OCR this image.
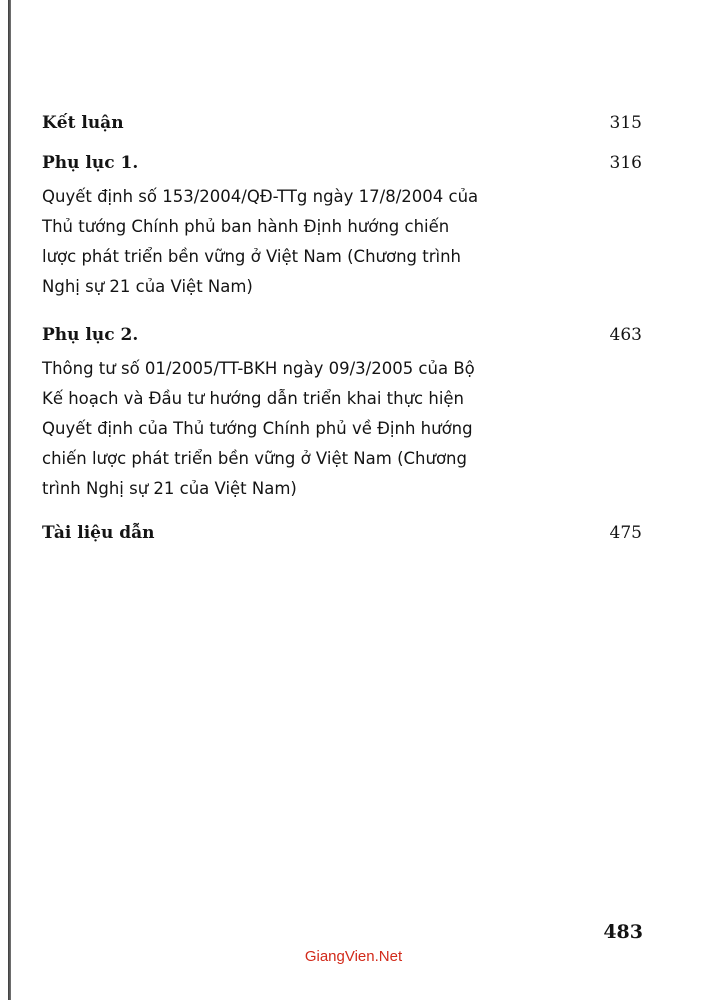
Kết luận	315
Phụ lục 1.	316
Quyết định số 153/2004/QĐ-TTg ngày 17/8/2004 của
Thủ tướng Chính phủ ban hành Định hướng chiến
lược phát triển bền vững ở Việt Nam (Chương trình
Nghị sự 21 của Việt Nam)
Phụ lục 2.	463
Thông tư số 01/2005/TT-BKH ngày 09/3/2005 của Bộ
Kế hoạch và Đầu tư hướng dẫn triển khai thực hiện
Quyết định của Thủ tướng Chính phủ về Định hướng
chiến lược phát triển bền vững ở Việt Nam (Chương
trình Nghị sự 21 của Việt Nam)
Tài liệu dẫn	475
483
GiangVien.Net
